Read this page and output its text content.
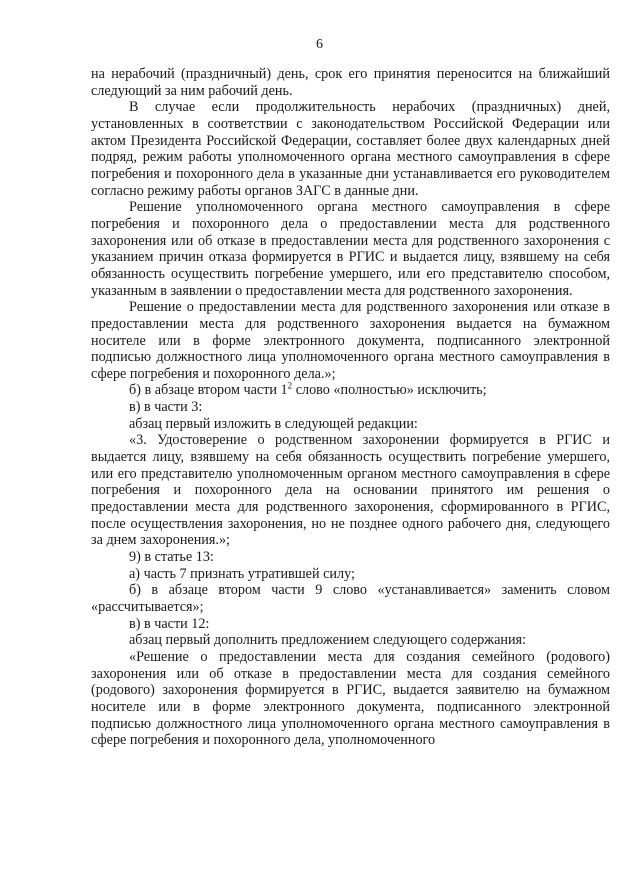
6

на нерабочий (праздничный) день, срок его принятия переносится на ближайший следующий за ним рабочий день.

В случае если продолжительность нерабочих (праздничных) дней, установленных в соответствии с законодательством Российской Федерации или актом Президента Российской Федерации, составляет более двух календарных дней подряд, режим работы уполномоченного органа местного самоуправления в сфере погребения и похоронного дела в указанные дни устанавливается его руководителем согласно режиму работы органов ЗАГС в данные дни.

Решение уполномоченного органа местного самоуправления в сфере погребения и похоронного дела о предоставлении места для родственного захоронения или об отказе в предоставлении места для родственного захоронения с указанием причин отказа формируется в РГИС и выдается лицу, взявшему на себя обязанность осуществить погребение умершего, или его представителю способом, указанным в заявлении о предоставлении места для родственного захоронения.

Решение о предоставлении места для родственного захоронения или отказе в предоставлении места для родственного захоронения выдается на бумажном носителе или в форме электронного документа, подписанного электронной подписью должностного лица уполномоченного органа местного самоуправления в сфере погребения и похоронного дела.»;

б) в абзаце втором части $1^2$ слово «полностью» исключить;

в) в части 3:

абзац первый изложить в следующей редакции:

«3. Удостоверение о родственном захоронении формируется в РГИС и выдается лицу, взявшему на себя обязанность осуществить погребение умершего, или его представителю уполномоченным органом местного самоуправления в сфере погребения и похоронного дела на основании принятого им решения о предоставлении места для родственного захоронения, сформированного в РГИС, после осуществления захоронения, но не позднее одного рабочего дня, следующего за днем захоронения.»;

9) в статье 13:

а) часть 7 признать утратившей силу;

б) в абзаце втором части 9 слово «устанавливается» заменить словом «рассчитывается»;

в) в части 12:

абзац первый дополнить предложением следующего содержания:

«Решение о предоставлении места для создания семейного (родового) захоронения или об отказе в предоставлении места для создания семейного (родового) захоронения формируется в РГИС, выдается заявителю на бумажном носителе или в форме электронного документа, подписанного электронной подписью должностного лица уполномоченного органа местного самоуправления в сфере погребения и похоронного дела, уполномоченного
